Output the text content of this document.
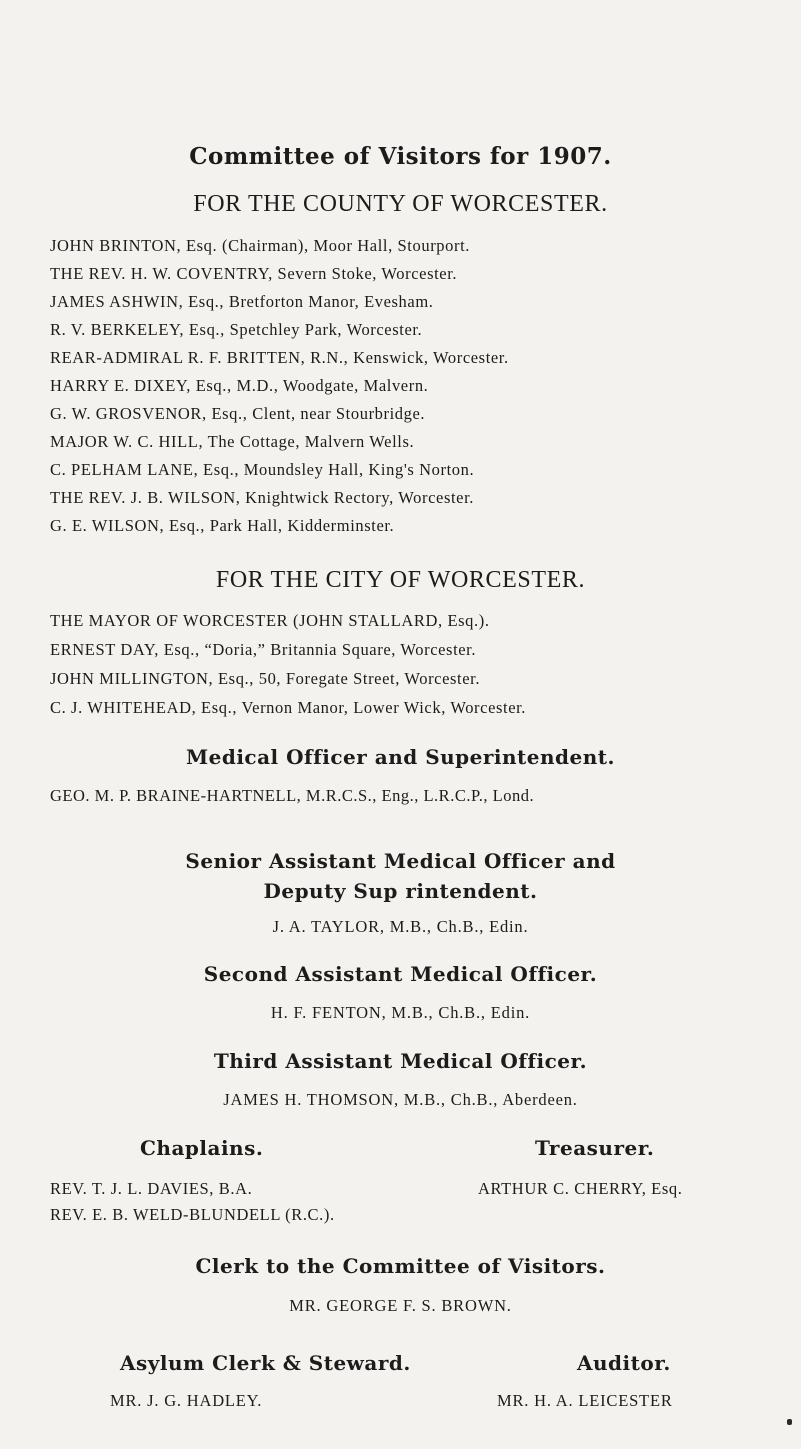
Committee of Visitors for 1907.
FOR THE COUNTY OF WORCESTER.
JOHN BRINTON, Esq. (Chairman), Moor Hall, Stourport.
THE REV. H. W. COVENTRY, Severn Stoke, Worcester.
JAMES ASHWIN, Esq., Bretforton Manor, Evesham.
R. V. BERKELEY, Esq., Spetchley Park, Worcester.
REAR-ADMIRAL R. F. BRITTEN, R.N., Kenswick, Worcester.
HARRY E. DIXEY, Esq., M.D., Woodgate, Malvern.
G. W. GROSVENOR, Esq., Clent, near Stourbridge.
MAJOR W. C. HILL, The Cottage, Malvern Wells.
C. PELHAM LANE, Esq., Moundsley Hall, King's Norton.
THE REV. J. B. WILSON, Knightwick Rectory, Worcester.
G. E. WILSON, Esq., Park Hall, Kidderminster.
FOR THE CITY OF WORCESTER.
THE MAYOR OF WORCESTER (JOHN STALLARD, Esq.).
ERNEST DAY, Esq., “Doria,” Britannia Square, Worcester.
JOHN MILLINGTON, Esq., 50, Foregate Street, Worcester.
C. J. WHITEHEAD, Esq., Vernon Manor, Lower Wick, Worcester.
Medical Officer and Superintendent.
GEO. M. P. BRAINE-HARTNELL, M.R.C.S., Eng., L.R.C.P., Lond.
Senior Assistant Medical Officer and
Deputy Sup rintendent.
J. A. TAYLOR, M.B., Ch.B., Edin.
Second Assistant Medical Officer.
H. F. FENTON, M.B., Ch.B., Edin.
Third Assistant Medical Officer.
JAMES H. THOMSON, M.B., Ch.B., Aberdeen.
Chaplains.	Treasurer.
REV. T. J. L. DAVIES, B.A.	ARTHUR C. CHERRY, Esq.
REV. E. B. WELD-BLUNDELL (R.C.).
Clerk to the Committee of Visitors.
MR. GEORGE F. S. BROWN.
Asylum Clerk & Steward.	Auditor.
MR. J. G. HADLEY.	MR. H. A. LEICESTER
